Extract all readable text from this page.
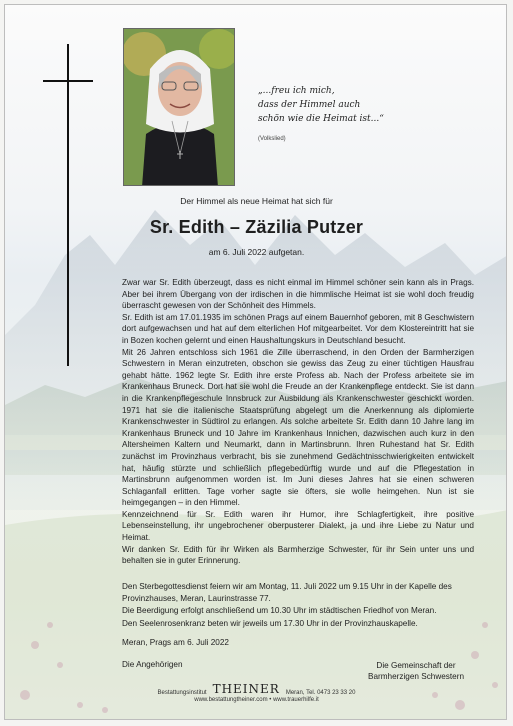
„...freu ich mich,
dass der Himmel auch
schön wie die Heimat ist...“
(Volkslied)
Der Himmel als neue Heimat hat sich für
Sr. Edith – Zäzilia Putzer
am 6. Juli 2022 aufgetan.

Zwar war Sr. Edith überzeugt, dass es nicht einmal im Himmel schöner sein kann als in Prags. Aber bei ihrem Übergang von der irdischen in die himmlische Heimat ist sie wohl doch freudig überrascht gewesen von der Schönheit des Himmels.

Sr. Edith ist am 17.01.1935 im schönen Prags auf einem Bauernhof geboren, mit 8 Geschwistern dort aufgewachsen und hat auf dem elterlichen Hof mitgearbeitet. Vor dem Klostereintritt hat sie in Bozen kochen gelernt und einen Haushaltungskurs in Deutschland besucht.

Mit 26 Jahren entschloss sich 1961 die Zille überraschend, in den Orden der Barmherzigen Schwestern in Meran einzutreten, obschon sie gewiss das Zeug zu einer tüchtigen Hausfrau gehabt hätte. 1962 legte Sr. Edith ihre erste Profess ab. Nach der Profess arbeitete sie im Krankenhaus Bruneck. Dort hat sie wohl die Freude an der Krankenpflege entdeckt. Sie ist dann in die Krankenpflegeschule Innsbruck zur Ausbildung als Krankenschwester geschickt worden. 1971 hat sie die italienische Staatsprüfung abgelegt um die Anerkennung als diplomierte Krankenschwester in Südtirol zu erlangen. Als solche arbeitete Sr. Edith dann 10 Jahre lang im Krankenhaus Bruneck und 10 Jahre im Krankenhaus Innichen, dazwischen auch kurz in den Altersheimen Kaltern und Neumarkt, dann in Martinsbrunn. Ihren Ruhestand hat Sr. Edith zunächst im Provinzhaus verbracht, bis sie zunehmend Gedächtnisschwierigkeiten entwickelt hat, häufig stürzte und schließlich pflegebedürftig wurde und auf die Pflegestation in Martinsbrunn aufgenommen worden ist. Im Juni dieses Jahres hat sie einen schweren Schlaganfall erlitten. Tage vorher sagte sie öfters, sie wolle heimgehen. Nun ist sie heimgegangen – in den Himmel.

Kennzeichnend für Sr. Edith waren ihr Humor, ihre Schlagfertigkeit, ihre positive Lebenseinstellung, ihr ungebrochener oberpusterer Dialekt, ja und ihre Liebe zu Natur und Heimat.

Wir danken Sr. Edith für ihr Wirken als Barmherzige Schwester, für ihr Sein unter uns und behalten sie in guter Erinnerung.

Den Sterbegottesdienst feiern wir am Montag, 11. Juli 2022 um 9.15 Uhr in der Kapelle des Provinzhauses, Meran, Laurinstrasse 77.

Die Beerdigung erfolgt anschließend um 10.30 Uhr im städtischen Friedhof von Meran.

Den Seelenrosenkranz beten wir jeweils um 17.30 Uhr in der Provinzhauskapelle.

Meran, Prags am 6. Juli 2022
Die Angehörigen	Die Gemeinschaft der
Barmherzigen Schwestern
Bestattungsinstitut THEINER Meran, Tel. 0473 23 33 20
www.bestattungtheiner.com • www.trauerhilfe.it
